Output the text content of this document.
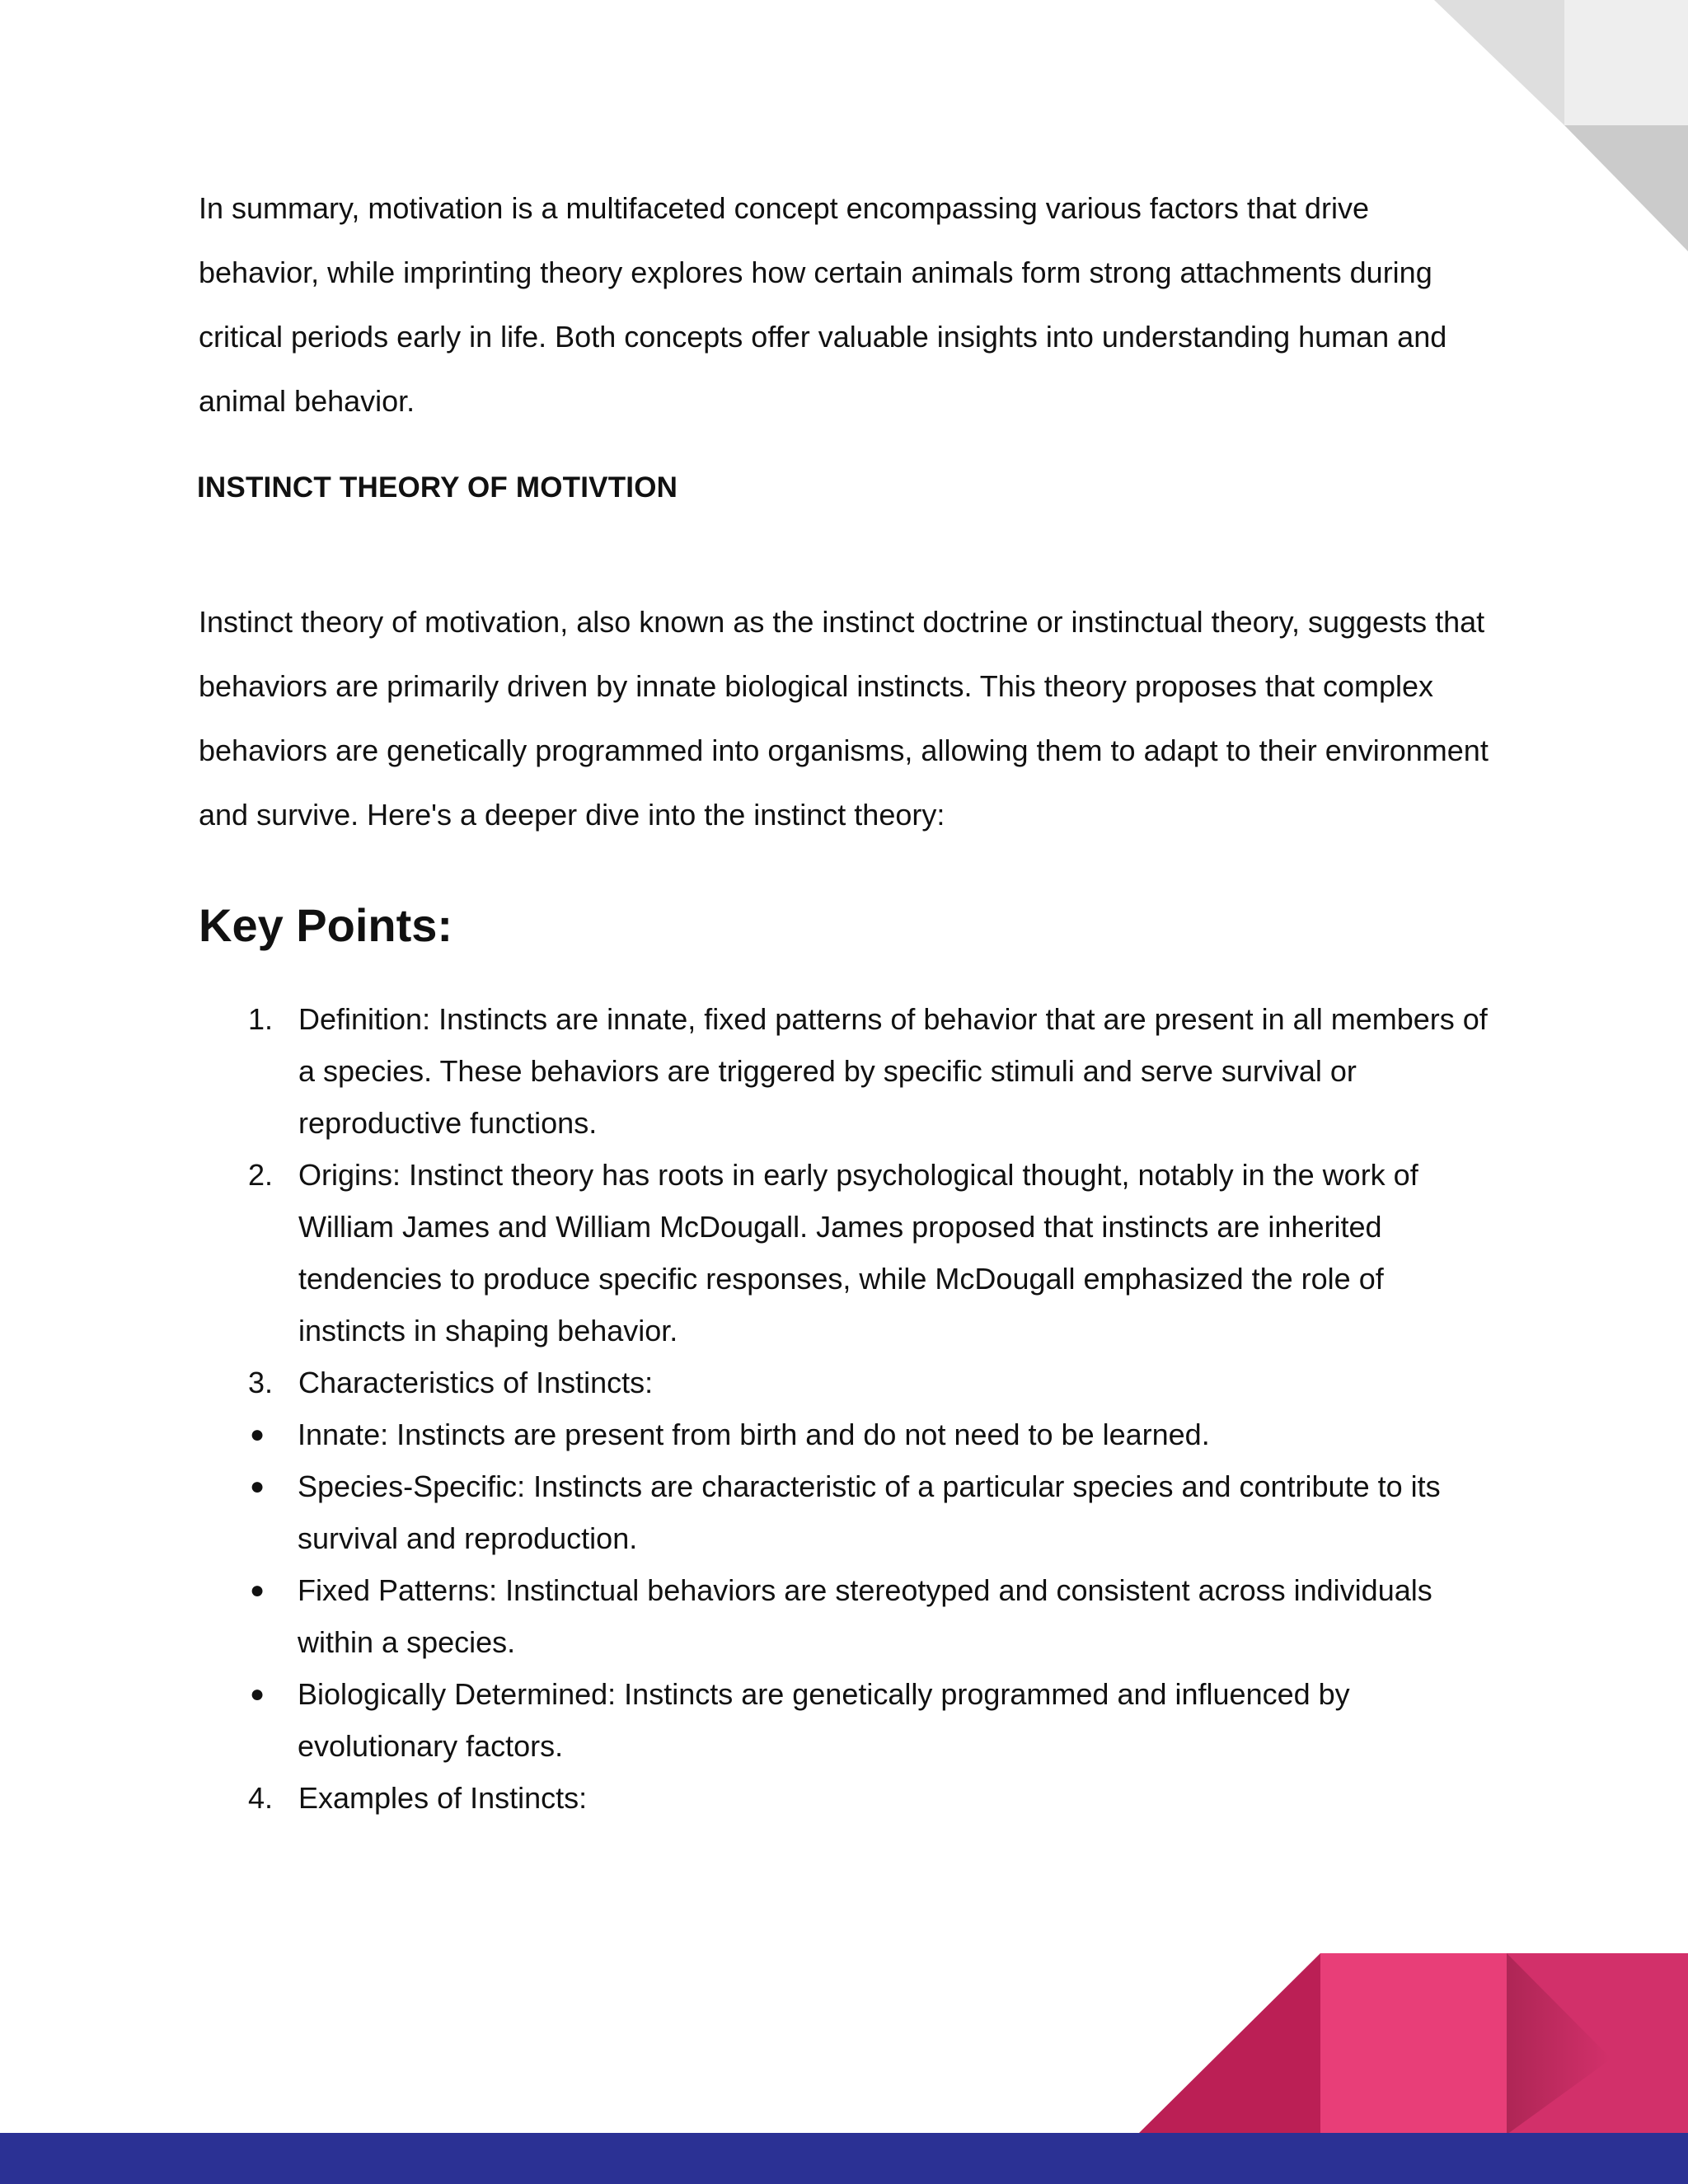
In summary, motivation is a multifaceted concept encompassing various factors that drive behavior, while imprinting theory explores how certain animals form strong attachments during critical periods early in life. Both concepts offer valuable insights into understanding human and animal behavior.

INSTINCT THEORY OF MOTIVTION

Instinct theory of motivation, also known as the instinct doctrine or instinctual theory, suggests that behaviors are primarily driven by innate biological instincts. This theory proposes that complex behaviors are genetically programmed into organisms, allowing them to adapt to their environment and survive. Here's a deeper dive into the instinct theory:

Key Points:
1. Definition: Instincts are innate, fixed patterns of behavior that are present in all members of a species. These behaviors are triggered by specific stimuli and serve survival or reproductive functions.
2. Origins: Instinct theory has roots in early psychological thought, notably in the work of William James and William McDougall. James proposed that instincts are inherited tendencies to produce specific responses, while McDougall emphasized the role of instincts in shaping behavior.
3. Characteristics of Instincts:
● Innate: Instincts are present from birth and do not need to be learned.
● Species-Specific: Instincts are characteristic of a particular species and contribute to its survival and reproduction.
● Fixed Patterns: Instinctual behaviors are stereotyped and consistent across individuals within a species.
● Biologically Determined: Instincts are genetically programmed and influenced by evolutionary factors.
4. Examples of Instincts:
